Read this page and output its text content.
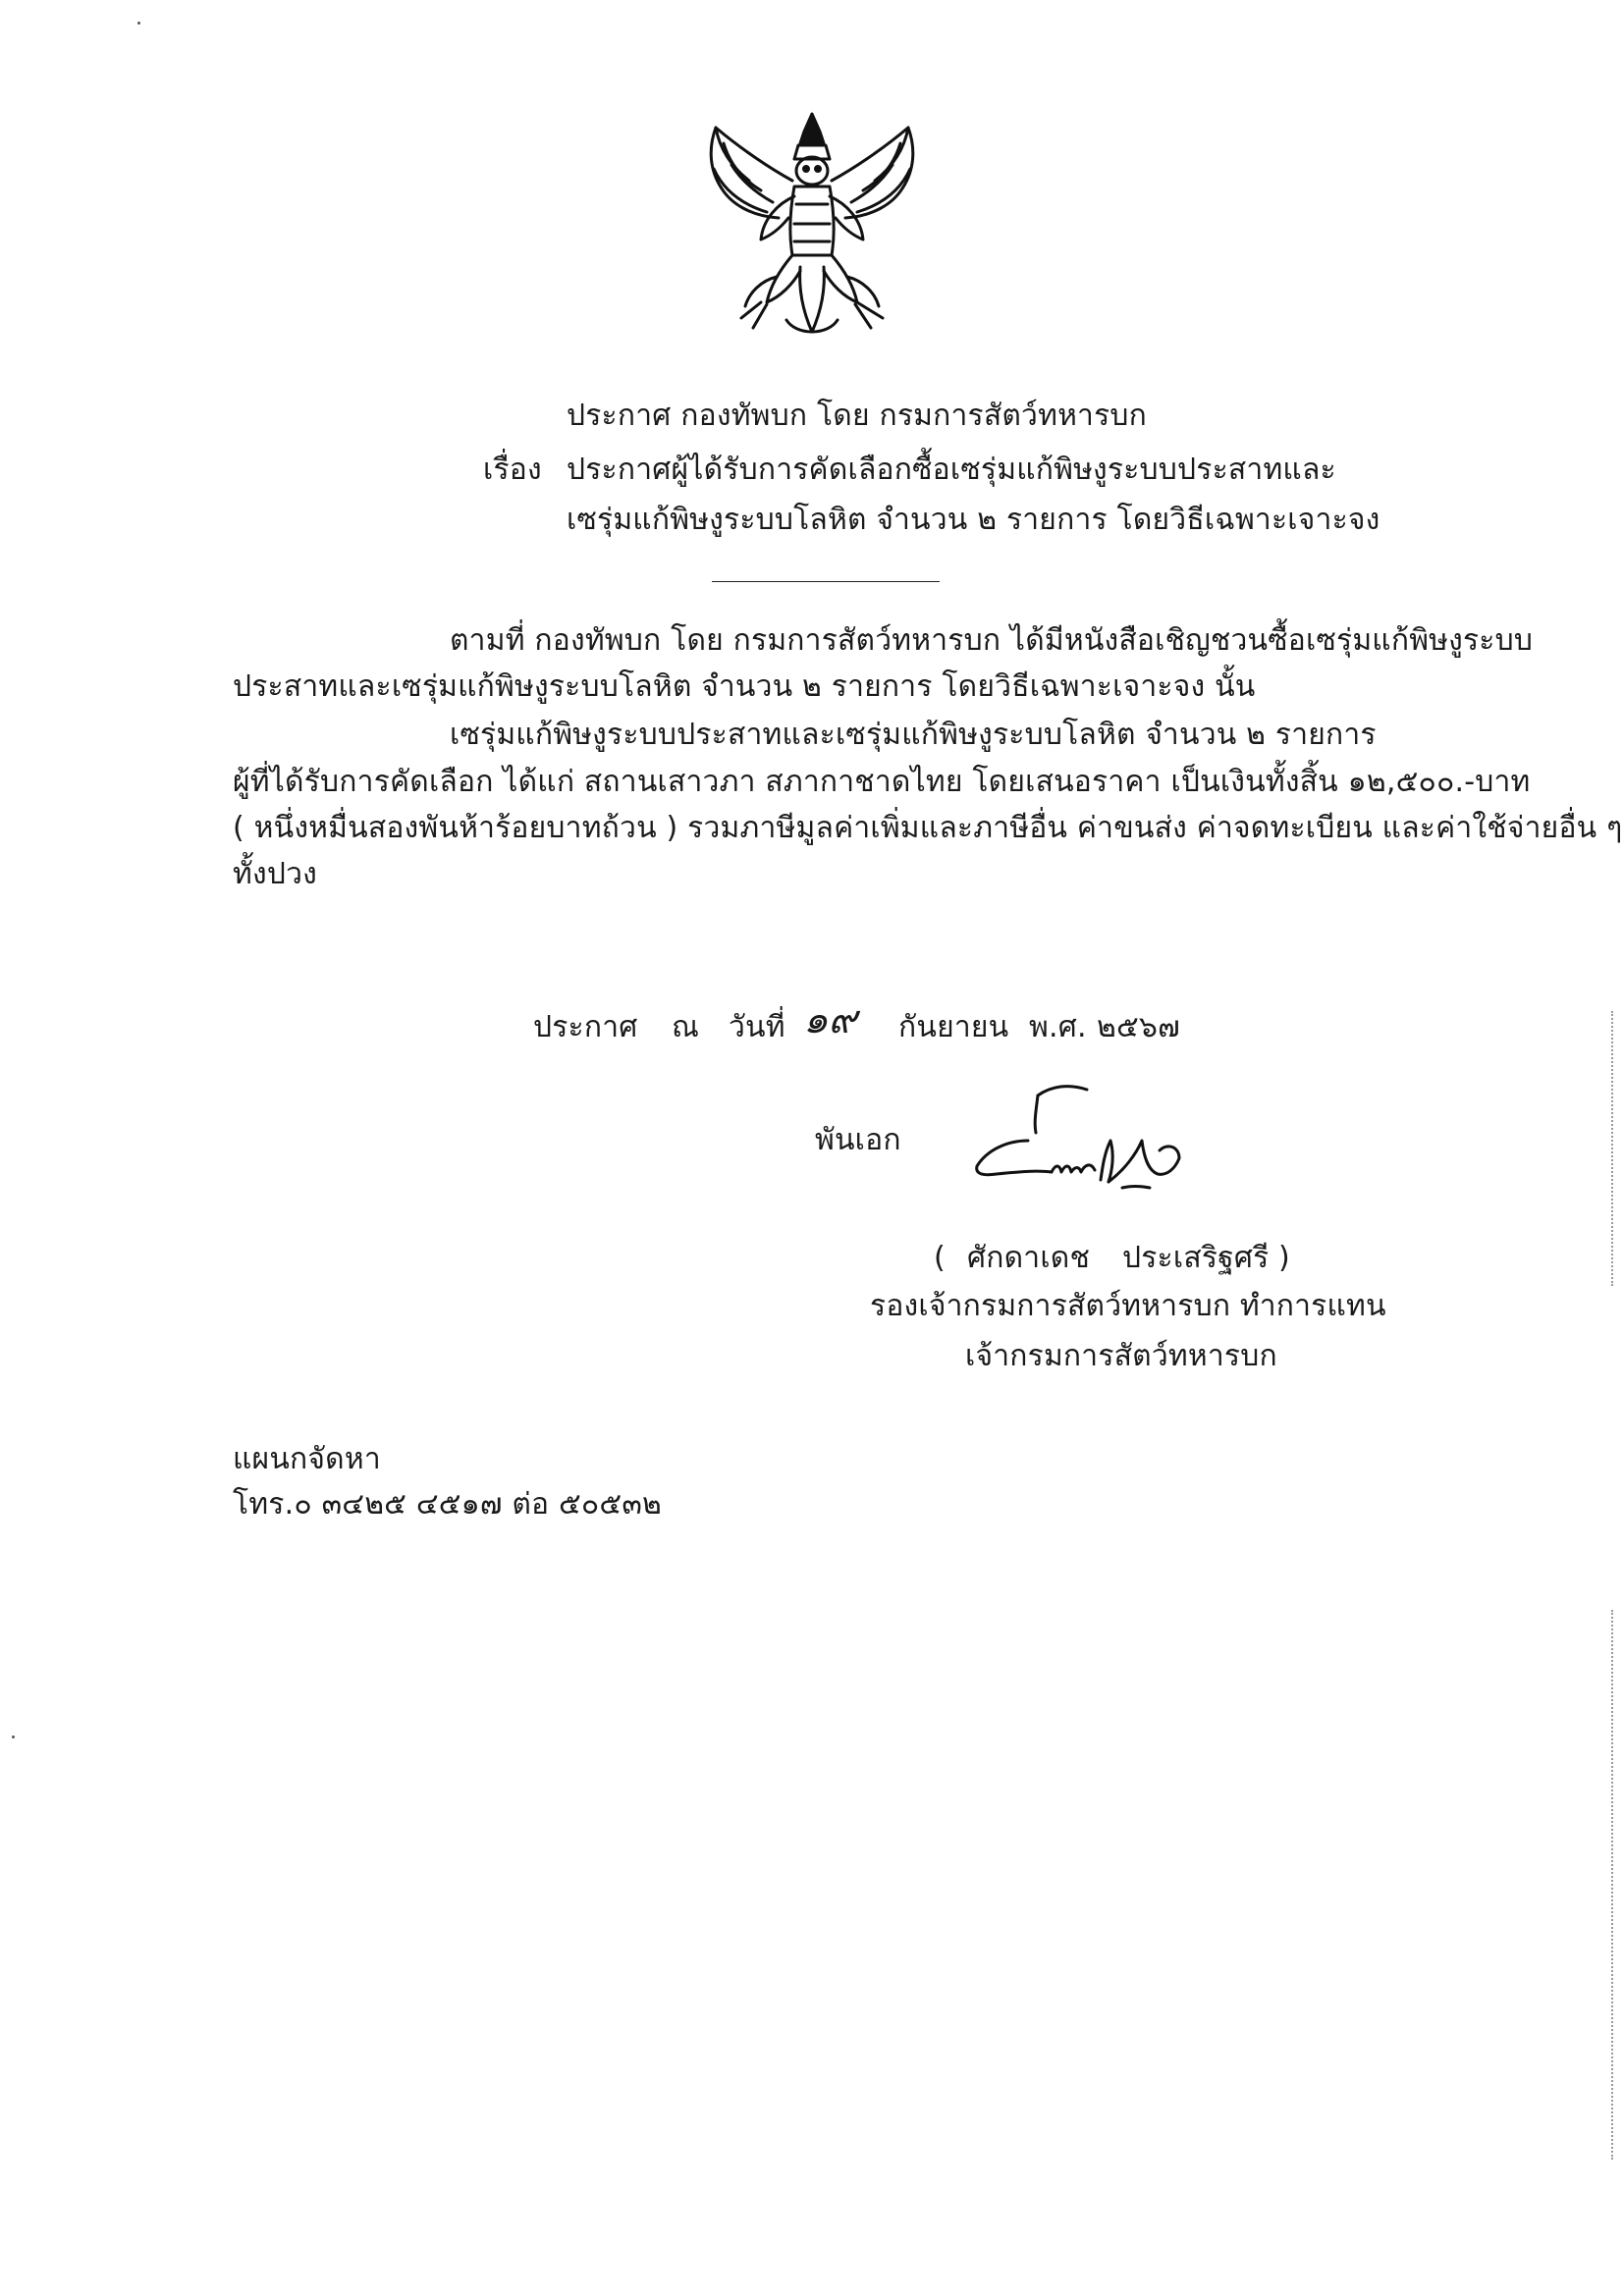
ประกาศ กองทัพบก โดย กรมการสัตว์ทหารบก
เรื่อง ประกาศผู้ได้รับการคัดเลือกซื้อเซรุ่มแก้พิษงูระบบประสาทและ
เซรุ่มแก้พิษงูระบบโลหิต จำนวน ๒ รายการ โดยวิธีเฉพาะเจาะจง
ตามที่ กองทัพบก โดย กรมการสัตว์ทหารบก ได้มีหนังสือเชิญชวนซื้อเซรุ่มแก้พิษงูระบบ
ประสาทและเซรุ่มแก้พิษงูระบบโลหิต จำนวน ๒ รายการ โดยวิธีเฉพาะเจาะจง นั้น
เซรุ่มแก้พิษงูระบบประสาทและเซรุ่มแก้พิษงูระบบโลหิต จำนวน ๒ รายการ
ผู้ที่ได้รับการคัดเลือก ได้แก่ สถานเสาวภา สภากาชาดไทย โดยเสนอราคา เป็นเงินทั้งสิ้น ๑๒,๕๐๐.-บาท
( หนึ่งหมื่นสองพันห้าร้อยบาทถ้วน ) รวมภาษีมูลค่าเพิ่มและภาษีอื่น ค่าขนส่ง ค่าจดทะเบียน และค่าใช้จ่ายอื่น ๆ
ทั้งปวง
ประกาศ ณ วันที่ ๑๙ กันยายน พ.ศ. ๒๕๖๗
พันเอก
( ศักดาเดช ประเสริฐศรี )
รองเจ้ากรมการสัตว์ทหารบก ทำการแทน
เจ้ากรมการสัตว์ทหารบก
แผนกจัดหา
โทร.๐ ๓๔๒๕ ๔๕๑๗ ต่อ ๕๐๕๓๒
